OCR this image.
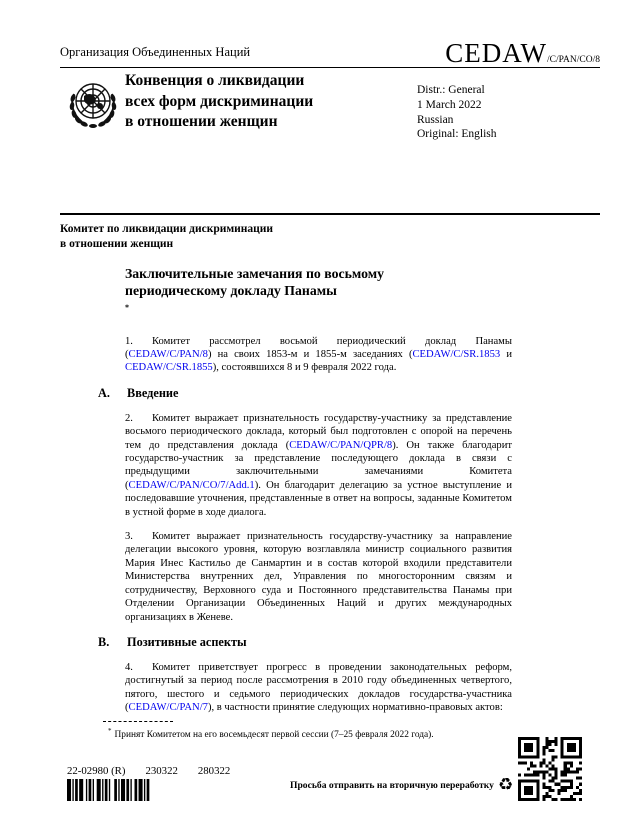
Организация Объединенных Наций	CEDAW/C/PAN/CO/8
Конвенция о ликвидации
всех форм дискриминации
в отношении женщин
Distr.: General
1 March 2022
Russian
Original: English
Комитет по ликвидации дискриминации
в отношении женщин
Заключительные замечания по восьмому
периодическому докладу Панамы
*

1. Комитет рассмотрел восьмой периодический доклад Панамы (CEDAW/C/PAN/8) на своих 1853-м и 1855-м заседаниях (CEDAW/C/SR.1853 и CEDAW/C/SR.1855), состоявшихся 8 и 9 февраля 2022 года.

A. Введение

2. Комитет выражает признательность государству-участнику за представление восьмого периодического доклада, который был подготовлен с опорой на перечень тем до представления доклада (CEDAW/C/PAN/QPR/8). Он также благодарит государство-участник за представление последующего доклада в связи с предыдущими заключительными замечаниями Комитета (CEDAW/C/PAN/CO/7/Add.1). Он благодарит делегацию за устное выступление и последовавшие уточнения, представленные в ответ на вопросы, заданные Комитетом в устной форме в ходе диалога.

3. Комитет выражает признательность государству-участнику за направление делегации высокого уровня, которую возглавляла министр социального развития Мария Инес Кастильо де Санмартин и в состав которой входили представители Министерства внутренних дел, Управления по многосторонним связям и сотрудничеству, Верховного суда и Постоянного представительства Панамы при Отделении Организации Объединенных Наций и других международных организациях в Женеве.

B. Позитивные аспекты

4. Комитет приветствует прогресс в проведении законодательных реформ, достигнутый за период после рассмотрения в 2010 году объединенных четвертого, пятого, шестого и седьмого периодических докладов государства-участника (CEDAW/C/PAN/7), в частности принятие следующих нормативно-правовых актов:

* Принят Комитетом на его восемьдесят первой сессии (7–25 февраля 2022 года).
22-02980 (R) 230322 280322
Просьба отправить на вторичную переработку ♻
